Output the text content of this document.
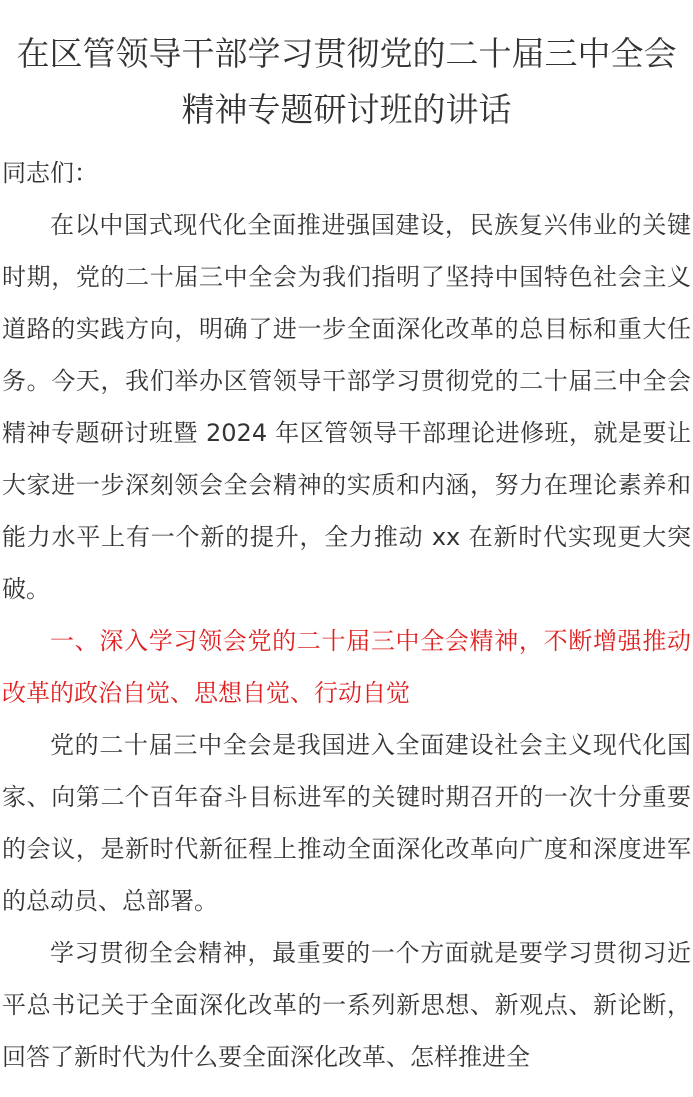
在区管领导干部学习贯彻党的二十届三中全会精神专题研讨班的讲话

同志们：

在以中国式现代化全面推进强国建设，民族复兴伟业的关键时期，党的二十届三中全会为我们指明了坚持中国特色社会主义道路的实践方向，明确了进一步全面深化改革的总目标和重大任务。今天，我们举办区管领导干部学习贯彻党的二十届三中全会精神专题研讨班暨 2024 年区管领导干部理论进修班，就是要让大家进一步深刻领会全会精神的实质和内涵，努力在理论素养和能力水平上有一个新的提升，全力推动 xx 在新时代实现更大突破。

一、深入学习领会党的二十届三中全会精神，不断增强推动改革的政治自觉、思想自觉、行动自觉

党的二十届三中全会是我国进入全面建设社会主义现代化国家、向第二个百年奋斗目标进军的关键时期召开的一次十分重要的会议，是新时代新征程上推动全面深化改革向广度和深度进军的总动员、总部署。

学习贯彻全会精神，最重要的一个方面就是要学习贯彻习近平总书记关于全面深化改革的一系列新思想、新观点、新论断，回答了新时代为什么要全面深化改革、怎样推进全
